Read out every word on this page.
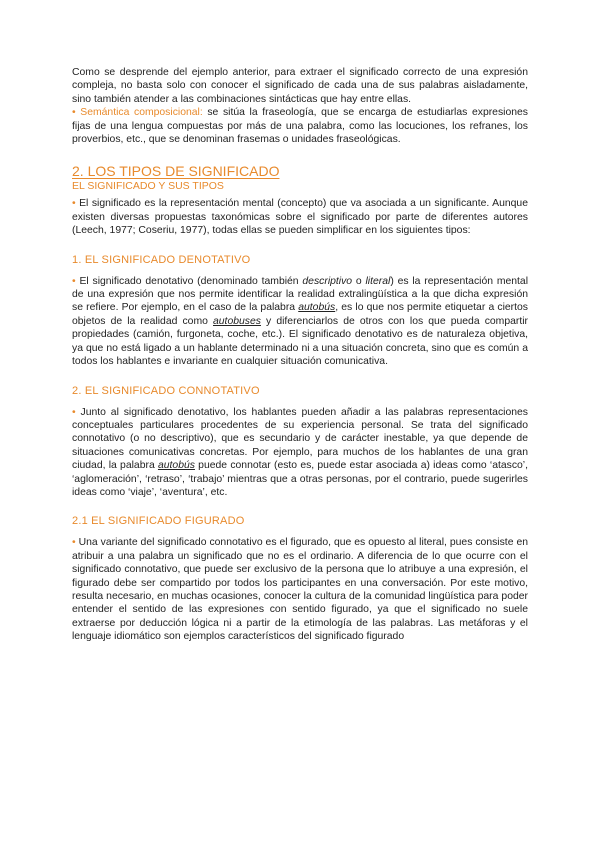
Como se desprende del ejemplo anterior, para extraer el significado correcto de una expresión compleja, no basta solo con conocer el significado de cada una de sus palabras aisladamente, sino también atender a las combinaciones sintácticas que hay entre ellas.

• Semántica composicional: se sitúa la fraseología, que se encarga de estudiarlas expresiones fijas de una lengua compuestas por más de una palabra, como las locuciones, los refranes, los proverbios, etc., que se denominan frasemas o unidades fraseológicas.

2. LOS TIPOS DE SIGNIFICADO
EL SIGNIFICADO Y SUS TIPOS

• El significado es la representación mental (concepto) que va asociada a un significante. Aunque existen diversas propuestas taxonómicas sobre el significado por parte de diferentes autores (Leech, 1977; Coseriu, 1977), todas ellas se pueden simplificar en los siguientes tipos:

1. EL SIGNIFICADO DENOTATIVO

• El significado denotativo (denominado también descriptivo o literal) es la representación mental de una expresión que nos permite identificar la realidad extralingüística a la que dicha expresión se refiere. Por ejemplo, en el caso de la palabra autobús, es lo que nos permite etiquetar a ciertos objetos de la realidad como autobuses y diferenciarlos de otros con los que pueda compartir propiedades (camión, furgoneta, coche, etc.). El significado denotativo es de naturaleza objetiva, ya que no está ligado a un hablante determinado ni a una situación concreta, sino que es común a todos los hablantes e invariante en cualquier situación comunicativa.

2. EL SIGNIFICADO CONNOTATIVO

• Junto al significado denotativo, los hablantes pueden añadir a las palabras representaciones conceptuales particulares procedentes de su experiencia personal. Se trata del significado connotativo (o no descriptivo), que es secundario y de carácter inestable, ya que depende de situaciones comunicativas concretas. Por ejemplo, para muchos de los hablantes de una gran ciudad, la palabra autobús puede connotar (esto es, puede estar asociada a) ideas como ‘atasco’, ‘aglomeración’, ‘retraso’, ‘trabajo’ mientras que a otras personas, por el contrario, puede sugerirles ideas como ‘viaje’, ‘aventura’, etc.

2.1 EL SIGNIFICADO FIGURADO

• Una variante del significado connotativo es el figurado, que es opuesto al literal, pues consiste en atribuir a una palabra un significado que no es el ordinario. A diferencia de lo que ocurre con el significado connotativo, que puede ser exclusivo de la persona que lo atribuye a una expresión, el figurado debe ser compartido por todos los participantes en una conversación. Por este motivo, resulta necesario, en muchas ocasiones, conocer la cultura de la comunidad lingüística para poder entender el sentido de las expresiones con sentido figurado, ya que el significado no suele extraerse por deducción lógica ni a partir de la etimología de las palabras. Las metáforas y el lenguaje idiomático son ejemplos característicos del significado figurado
